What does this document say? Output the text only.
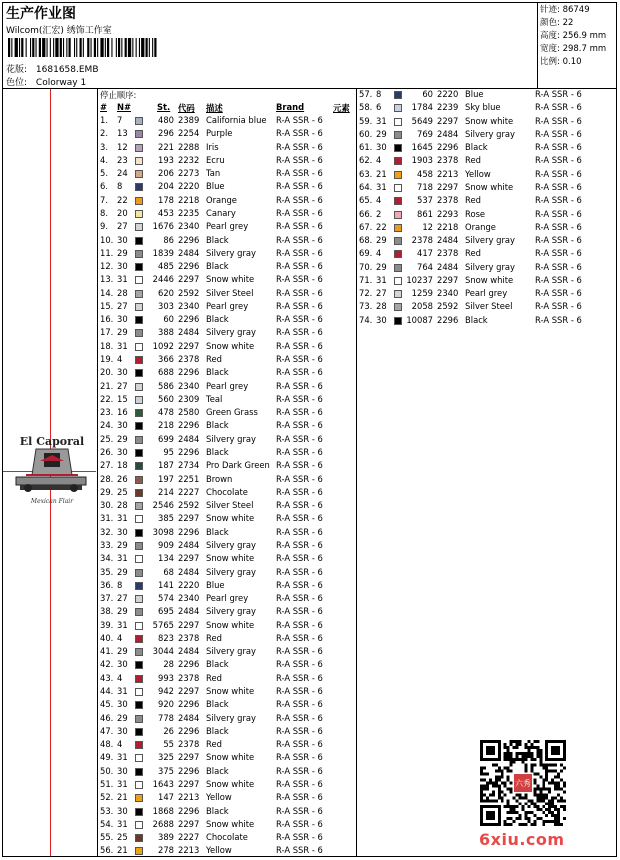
生产作业图
Wilcom(汇宏) 绣饰工作室
花版: 1681658.EMB
色位: Colorway 1
针迹: 86749
颜色: 22
高度: 256.9 mm
宽度: 298.7 mm
比例: 0.10
El Caporal
Mexican Flair
停止顺序:
# N#	St. 代码 描述	Brand	元素
1. 7	480 2389 California blue R-A SSR - 6
2. 13	296 2254 Purple	R-A SSR - 6
3. 12	221 2288 Iris	R-A SSR - 6
4. 23	193 2232 Ecru	R-A SSR - 6
5. 24	206 2273 Tan	R-A SSR - 6
6. 8	204 2220 Blue	R-A SSR - 6
7. 22	178 2218 Orange	R-A SSR - 6
8. 20	453 2235 Canary	R-A SSR - 6
9. 27	1676 2340 Pearl grey	R-A SSR - 6
10. 30	86 2296 Black	R-A SSR - 6
11. 29	1839 2484 Silvery gray R-A SSR - 6
12. 30	485 2296 Black	R-A SSR - 6
13. 31	2446 2297 Snow white	R-A SSR - 6
14. 28	620 2592 Silver Steel	R-A SSR - 6
15. 27	303 2340 Pearl grey	R-A SSR - 6
16. 30	60 2296 Black	R-A SSR - 6
17. 29	388 2484 Silvery gray R-A SSR - 6
18. 31	1092 2297 Snow white	R-A SSR - 6
19. 4	366 2378 Red	R-A SSR - 6
20. 30	688 2296 Black	R-A SSR - 6
21. 27	586 2340 Pearl grey	R-A SSR - 6
22. 15	560 2309 Teal	R-A SSR - 6
23. 16	478 2580 Green Grass R-A SSR - 6
24. 30	218 2296 Black	R-A SSR - 6
25. 29	699 2484 Silvery gray R-A SSR - 6
26. 30	95 2296 Black	R-A SSR - 6
27. 18	187 2734 Pro Dark Green R-A SSR - 6
28. 26	197 2251 Brown	R-A SSR - 6
29. 25	214 2227 Chocolate	R-A SSR - 6
30. 28	2546 2592 Silver Steel	R-A SSR - 6
31. 31	385 2297 Snow white	R-A SSR - 6
32. 30	3098 2296 Black	R-A SSR - 6
33. 29	909 2484 Silvery gray R-A SSR - 6
34. 31	134 2297 Snow white	R-A SSR - 6
35. 29	68 2484 Silvery gray R-A SSR - 6
36. 8	141 2220 Blue	R-A SSR - 6
37. 27	574 2340 Pearl grey	R-A SSR - 6
38. 29	695 2484 Silvery gray R-A SSR - 6
39. 31	5765 2297 Snow white	R-A SSR - 6
40. 4	823 2378 Red	R-A SSR - 6
41. 29	3044 2484 Silvery gray R-A SSR - 6
42. 30	28 2296 Black	R-A SSR - 6
43. 4	993 2378 Red	R-A SSR - 6
44. 31	942 2297 Snow white	R-A SSR - 6
45. 30	920 2296 Black	R-A SSR - 6
46. 29	778 2484 Silvery gray R-A SSR - 6
47. 30	26 2296 Black	R-A SSR - 6
48. 4	55 2378 Red	R-A SSR - 6
49. 31	325 2297 Snow white	R-A SSR - 6
50. 30	375 2296 Black	R-A SSR - 6
51. 31	1643 2297 Snow white	R-A SSR - 6
52. 21	147 2213 Yellow	R-A SSR - 6
53. 30	1868 2296 Black	R-A SSR - 6
54. 31	2688 2297 Snow white	R-A SSR - 6
55. 25	389 2227 Chocolate	R-A SSR - 6
56. 21	278 2213 Yellow	R-A SSR - 6
57. 8	60 2220 Blue	R-A SSR - 6
58. 6	1784 2239 Sky blue	R-A SSR - 6
59. 31	5649 2297 Snow white	R-A SSR - 6
60. 29	769 2484 Silvery gray R-A SSR - 6
61. 30	1645 2296 Black	R-A SSR - 6
62. 4	1903 2378 Red	R-A SSR - 6
63. 21	458 2213 Yellow	R-A SSR - 6
64. 31	718 2297 Snow white	R-A SSR - 6
65. 4	537 2378 Red	R-A SSR - 6
66. 2	861 2293 Rose	R-A SSR - 6
67. 22	12 2218 Orange	R-A SSR - 6
68. 29	2378 2484 Silvery gray R-A SSR - 6
69. 4	417 2378 Red	R-A SSR - 6
70. 29	764 2484 Silvery gray R-A SSR - 6
71. 31 10237 2297 Snow white	R-A SSR - 6
72. 27	1259 2340 Pearl grey	R-A SSR - 6
73. 28	2058 2592 Silver Steel	R-A SSR - 6
74. 30 10087 2296 Black	R-A SSR - 6
六秀
6xiu.com
